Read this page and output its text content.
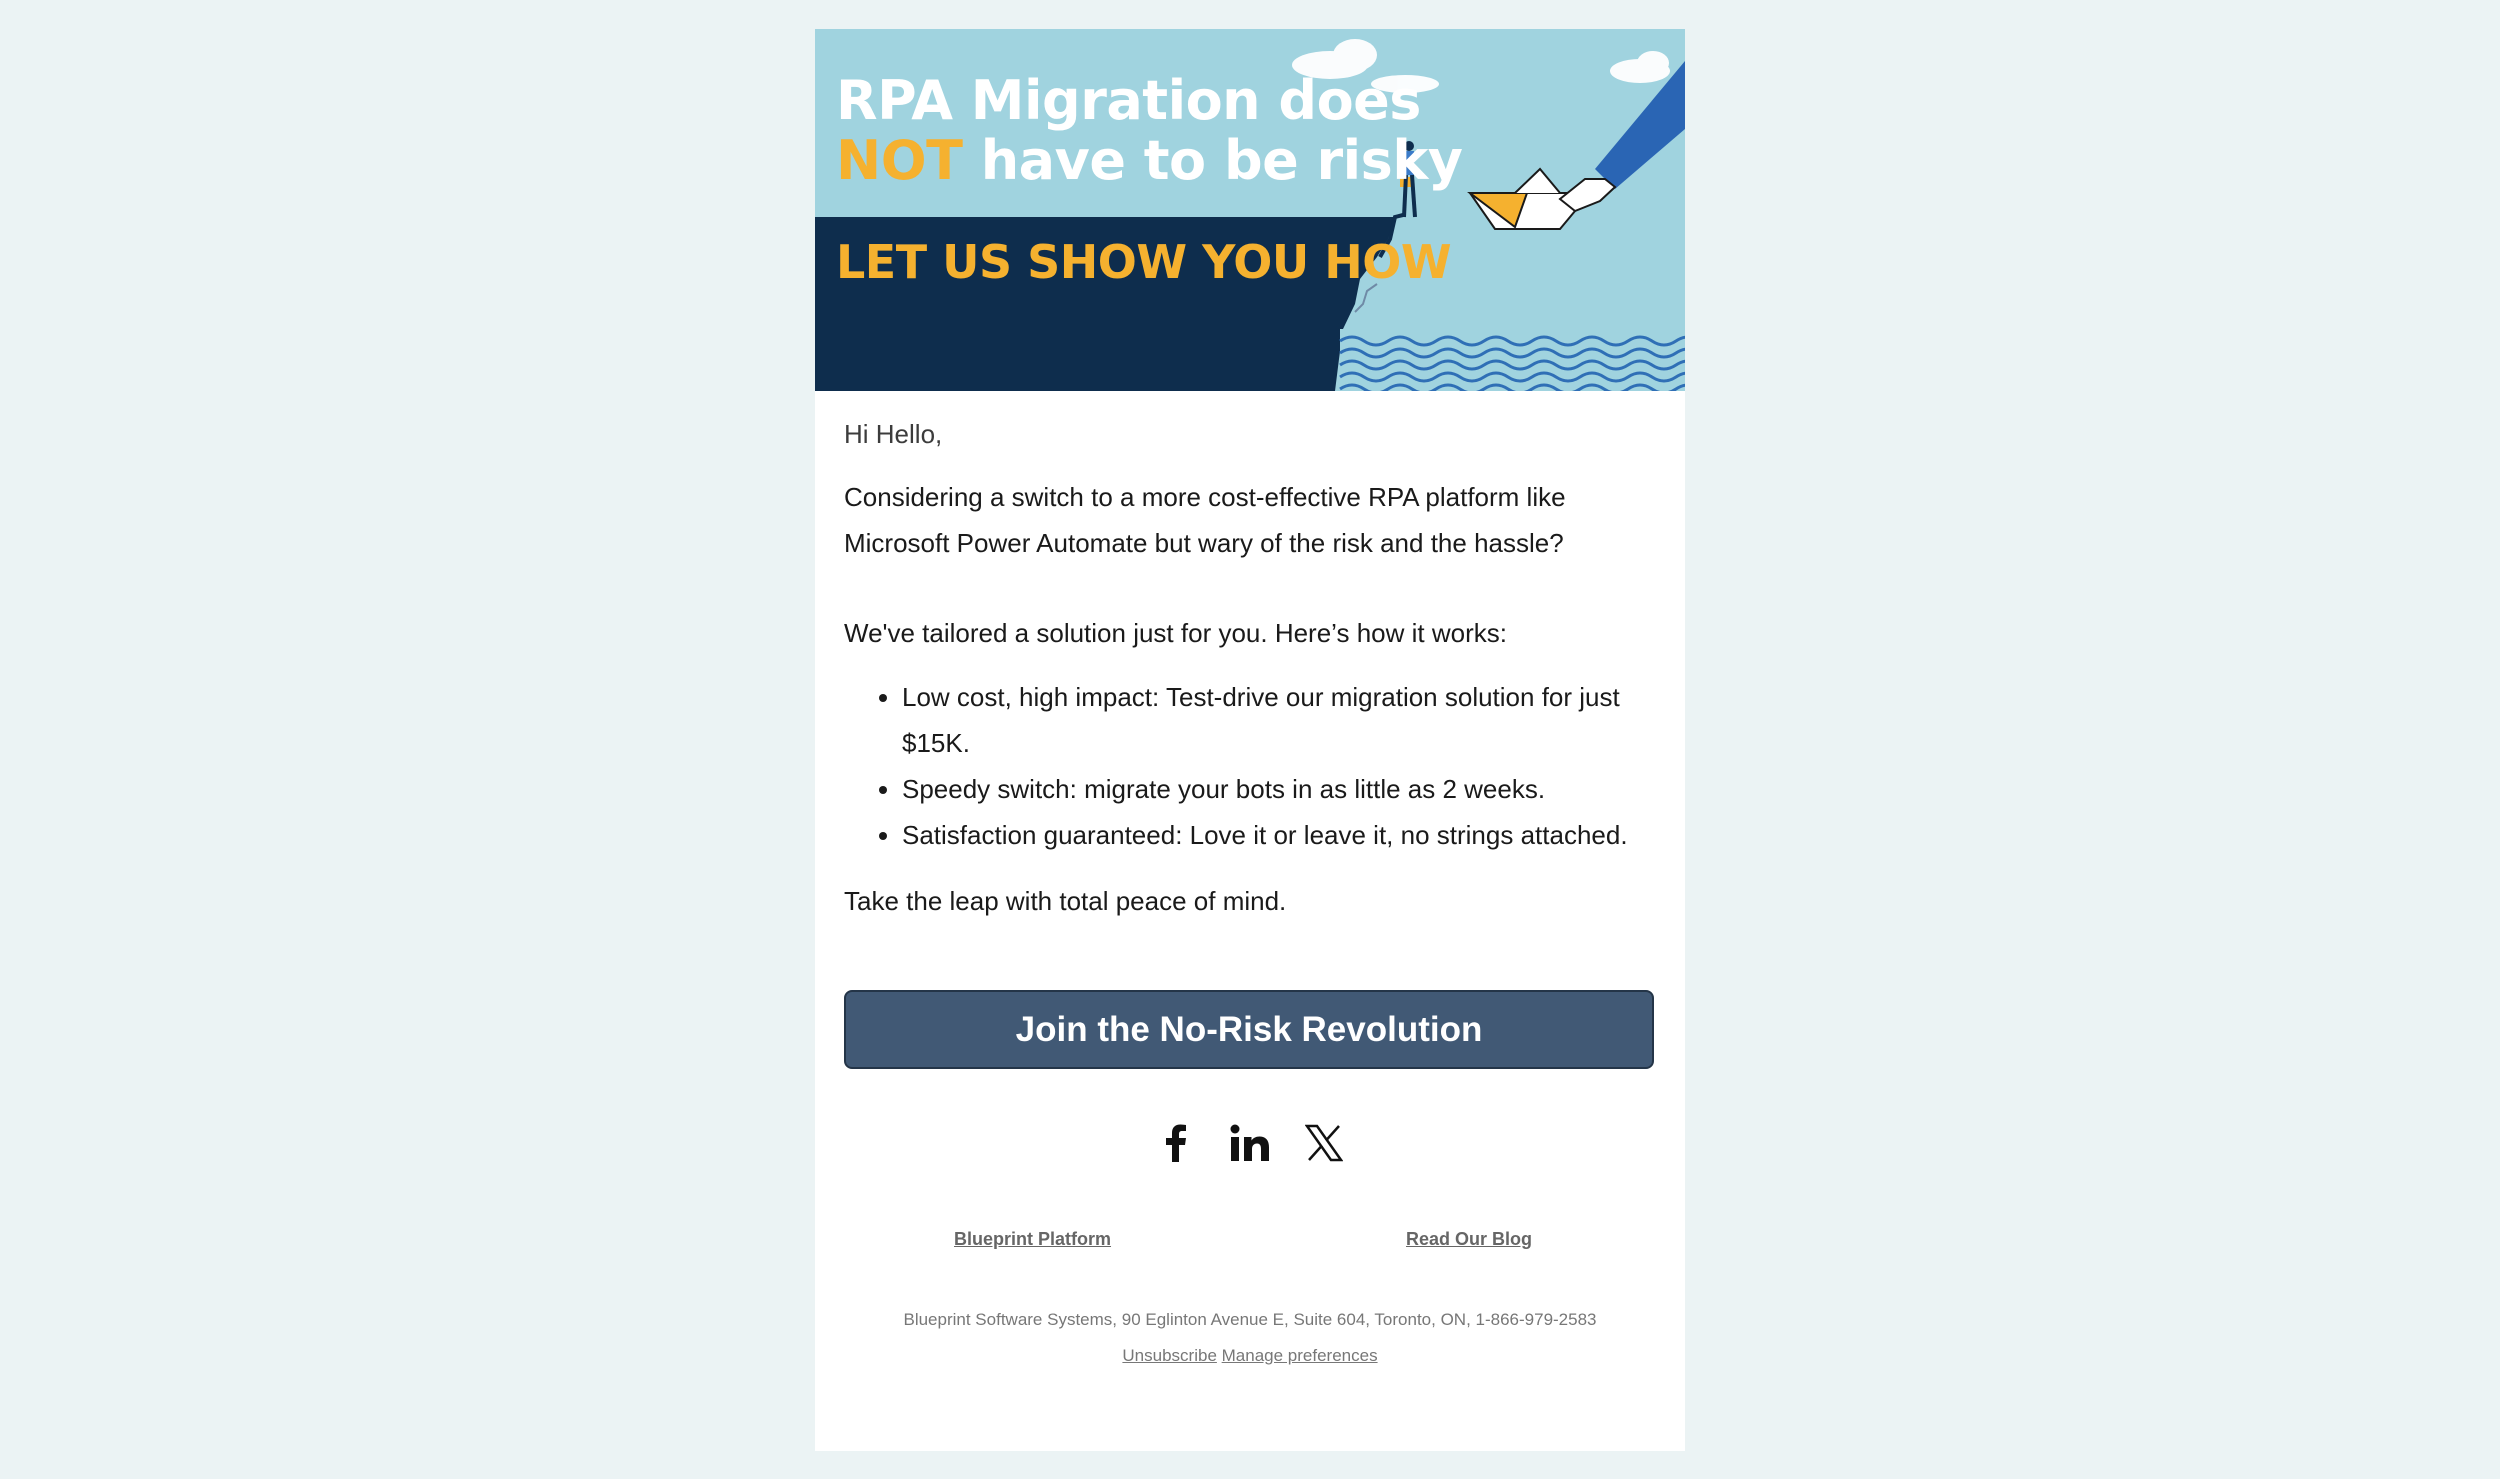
RPA Migration does
NOT have to be risky
LET US SHOW YOU HOW

Hi Hello,

Considering a switch to a more cost-effective RPA platform like Microsoft Power Automate but wary of the risk and the hassle?

We've tailored a solution just for you. Here’s how it works:

• Low cost, high impact: Test-drive our migration solution for just $15K.
• Speedy switch: migrate your bots in as little as 2 weeks.
• Satisfaction guaranteed: Love it or leave it, no strings attached.

Take the leap with total peace of mind.

Join the No-Risk Revolution
Blueprint Platform	Read Our Blog
Blueprint Software Systems, 90 Eglinton Avenue E, Suite 604, Toronto, ON, 1-866-979-2583
Unsubscribe Manage preferences
